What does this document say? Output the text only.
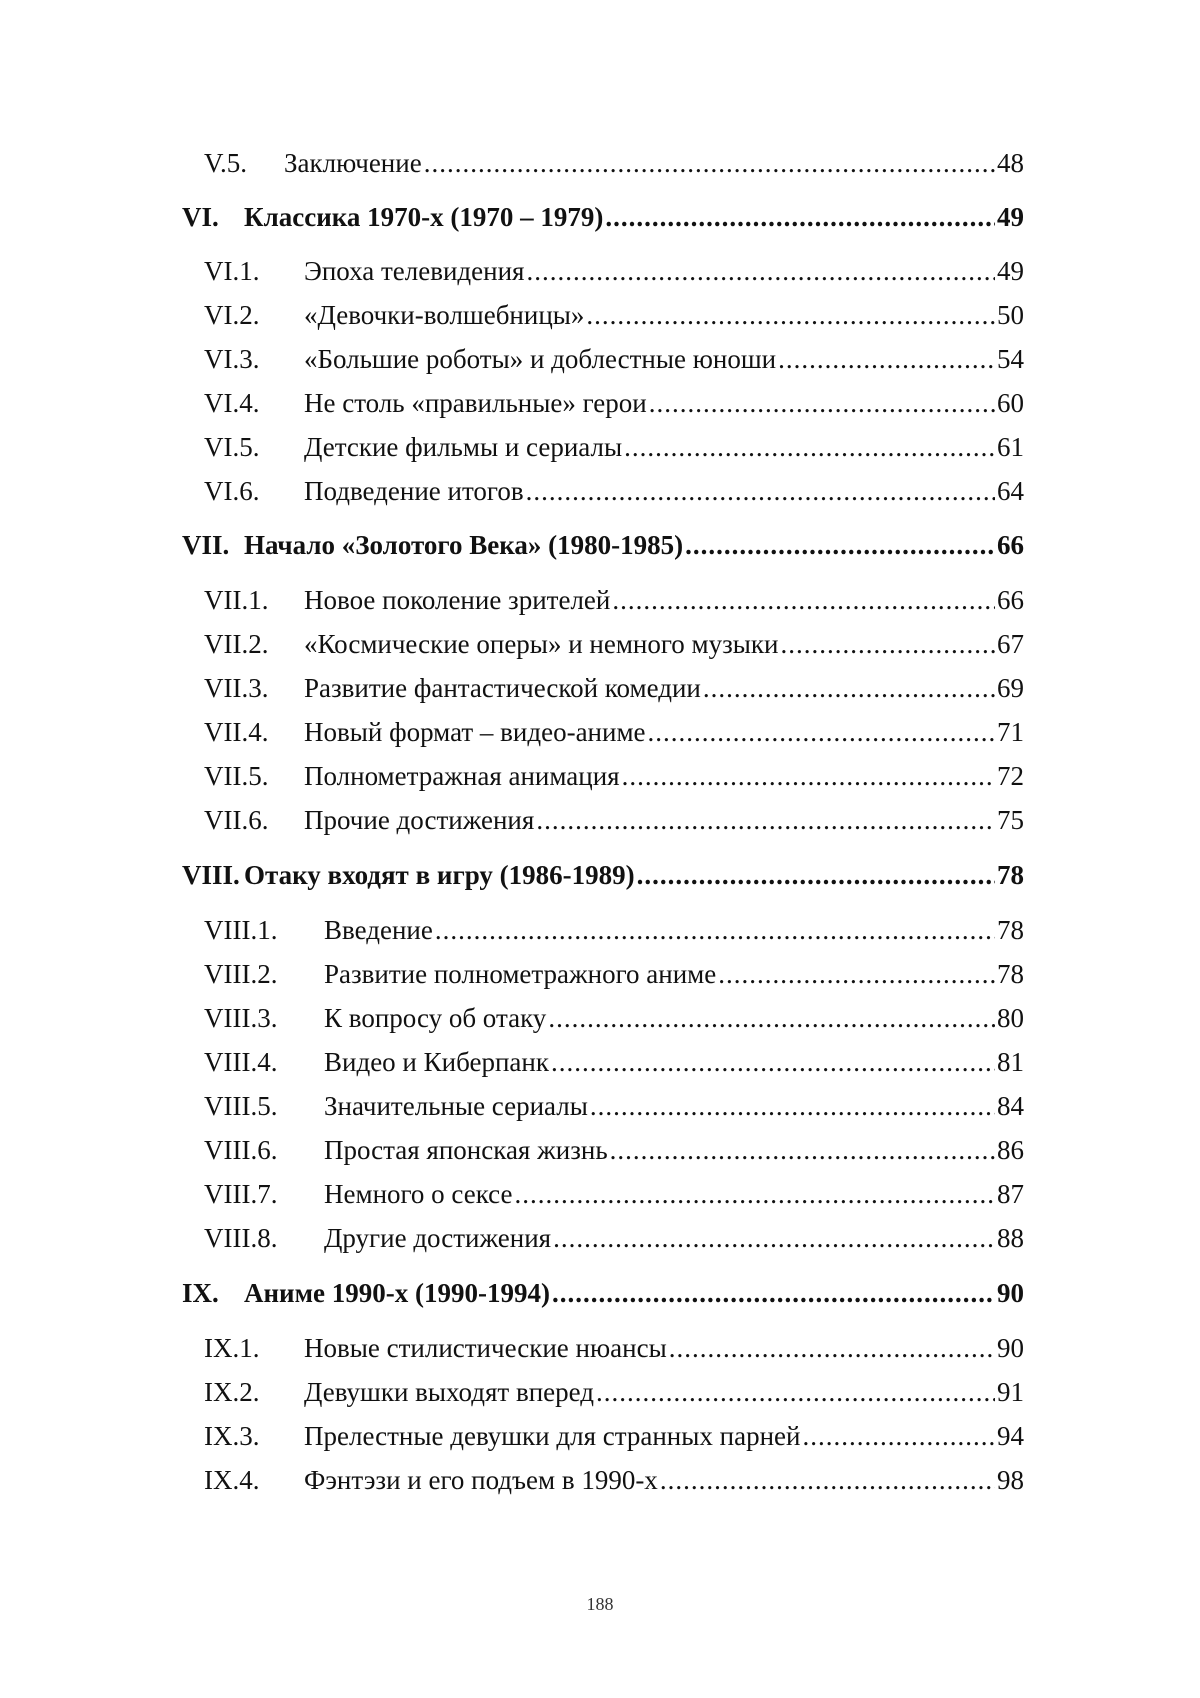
V.5.	Заключение .....	48
VI. Классика 1970-х (1970 – 1979) .....	49
VI.1.	Эпоха телевидения .....	49
VI.2.	«Девочки-волшебницы» .....	50
VI.3.	«Большие роботы» и доблестные юноши .....	54
VI.4.	Не столь «правильные» герои .....	60
VI.5.	Детские фильмы и сериалы .....	61
VI.6.	Подведение итогов .....	64
VII. Начало «Золотого Века» (1980-1985) .....	66
VII.1.	Новое поколение зрителей .....	66
VII.2.	«Космические оперы» и немного музыки .....	67
VII.3.	Развитие фантастической комедии .....	69
VII.4.	Новый формат – видео-аниме .....	71
VII.5.	Полнометражная анимация .....	72
VII.6.	Прочие достижения .....	75
VIII. Отаку входят в игру (1986-1989) .....	78
VIII.1.	Введение .....	78
VIII.2.	Развитие полнометражного аниме .....	78
VIII.3.	К вопросу об отаку .....	80
VIII.4.	Видео и Киберпанк .....	81
VIII.5.	Значительные сериалы .....	84
VIII.6.	Простая японская жизнь .....	86
VIII.7.	Немного о сексе .....	87
VIII.8.	Другие достижения .....	88
IX. Аниме 1990-х (1990-1994) .....	90
IX.1.	Новые стилистические нюансы .....	90
IX.2.	Девушки выходят вперед .....	91
IX.3.	Прелестные девушки для странных парней .....	94
IX.4.	Фэнтэзи и его подъем в 1990-х .....	98
188
